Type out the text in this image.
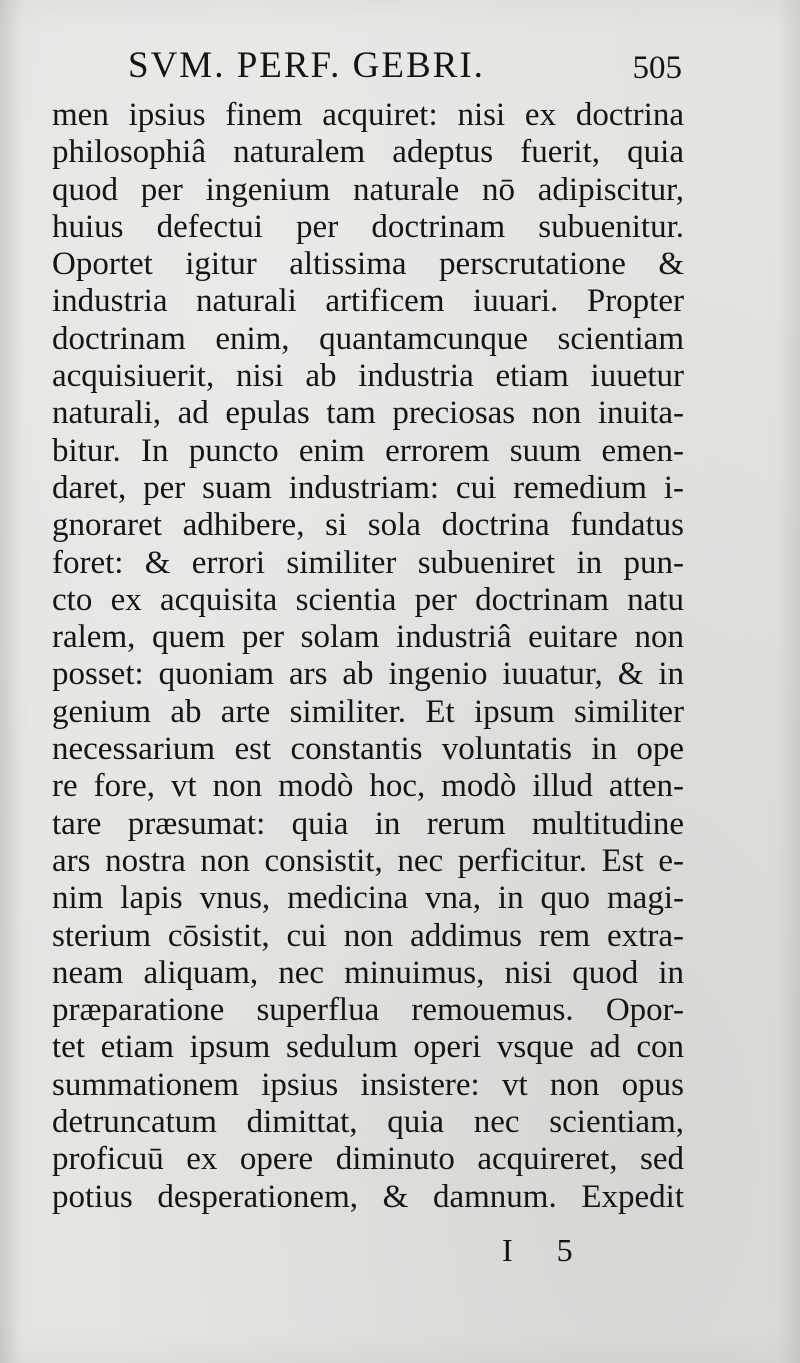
SVM. PERF. GEBRI.	505
men ipsius finem acquiret: nisi ex doctrina
philosophiâ naturalem adeptus fuerit, quia
quod per ingenium naturale nō adipiscitur,
huius defectui per doctrinam subuenitur.
Oportet igitur altissima perscrutatione &
industria naturali artificem iuuari. Propter
doctrinam enim, quantamcunque scientiam
acquisiuerit, nisi ab industria etiam iuuetur
naturali, ad epulas tam preciosas non inuita-
bitur. In puncto enim errorem suum emen-
daret, per suam industriam: cui remedium i-
gnoraret adhibere, si sola doctrina fundatus
foret: & errori similiter subueniret in pun-
cto ex acquisita scientia per doctrinam natu
ralem, quem per solam industriâ euitare non
posset: quoniam ars ab ingenio iuuatur, & in
genium ab arte similiter. Et ipsum similiter
necessarium est constantis voluntatis in ope
re fore, vt non modò hoc, modò illud atten-
tare præsumat: quia in rerum multitudine
ars nostra non consistit, nec perficitur. Est e-
nim lapis vnus, medicina vna, in quo magi-
sterium cōsistit, cui non addimus rem extra-
neam aliquam, nec minuimus, nisi quod in
præparatione superflua remouemus. Opor-
tet etiam ipsum sedulum operi vsque ad con
summationem ipsius insistere: vt non opus
detruncatum dimittat, quia nec scientiam,
proficuū ex opere diminuto acquireret, sed
potius desperationem, & damnum. Expedit
I 5
